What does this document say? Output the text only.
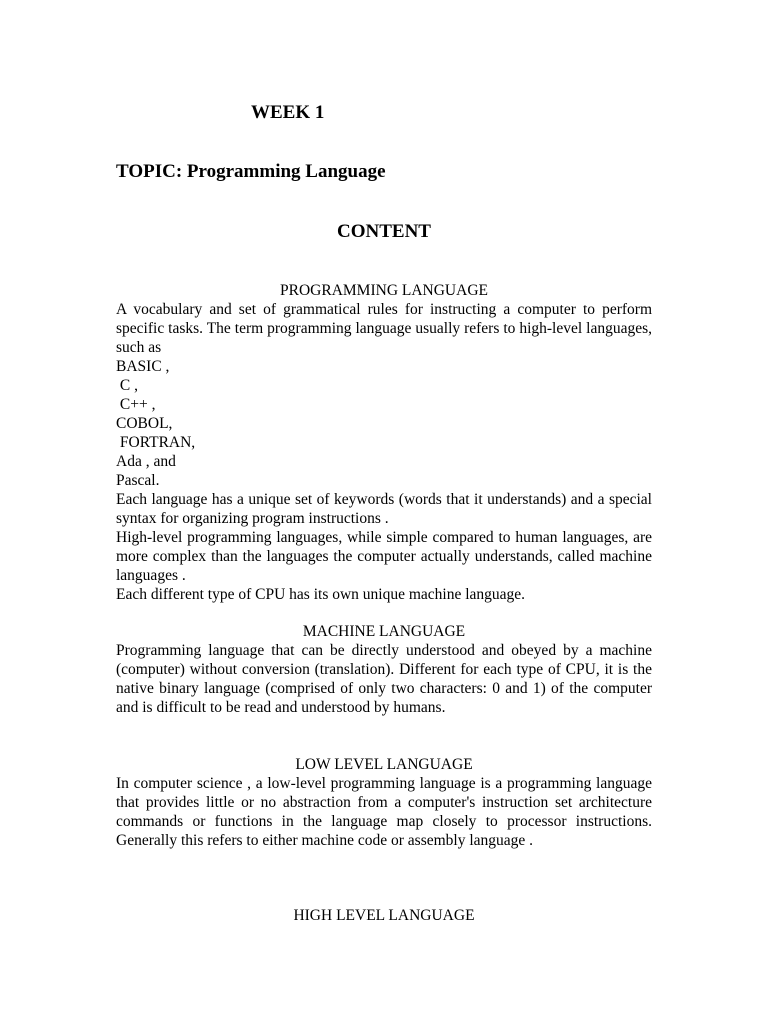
WEEK 1
TOPIC: Programming Language
CONTENT
PROGRAMMING LANGUAGE

A vocabulary and set of grammatical rules for instructing a computer to perform specific tasks. The term programming language usually refers to high-level languages, such as

BASIC ,

C ,

C++ ,

COBOL,

FORTRAN,

Ada , and

Pascal.

Each language has a unique set of keywords (words that it understands) and a special syntax for organizing program instructions .

High-level programming languages, while simple compared to human languages, are more complex than the languages the computer actually understands, called machine languages .

Each different type of CPU has its own unique machine language.

MACHINE LANGUAGE

Programming language that can be directly understood and obeyed by a machine (computer) without conversion (translation). Different for each type of CPU, it is the native binary language (comprised of only two characters: 0 and 1) of the computer and is difficult to be read and understood by humans.

LOW LEVEL LANGUAGE

In computer science , a low-level programming language is a programming language that provides little or no abstraction from a computer's instruction set architecture commands or functions in the language map closely to processor instructions. Generally this refers to either machine code or assembly language .

HIGH LEVEL LANGUAGE
